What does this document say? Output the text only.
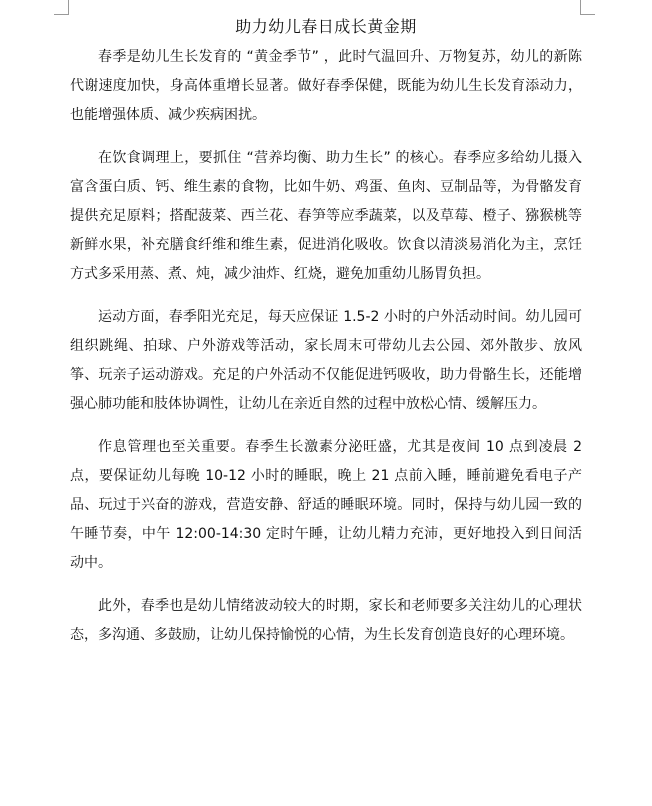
助力幼儿春日成长黄金期

春季是幼儿生长发育的 “黄金季节” ，此时气温回升、万物复苏，幼儿的新陈代谢速度加快，身高体重增长显著。做好春季保健，既能为幼儿生长发育添动力，也能增强体质、减少疾病困扰。

在饮食调理上，要抓住 “营养均衡、助力生长” 的核心。春季应多给幼儿摄入富含蛋白质、钙、维生素的食物，比如牛奶、鸡蛋、鱼肉、豆制品等，为骨骼发育提供充足原料；搭配菠菜、西兰花、春笋等应季蔬菜，以及草莓、橙子、猕猴桃等新鲜水果，补充膳食纤维和维生素，促进消化吸收。饮食以清淡易消化为主，烹饪方式多采用蒸、煮、炖，减少油炸、红烧，避免加重幼儿肠胃负担。

运动方面，春季阳光充足，每天应保证 1.5-2 小时的户外活动时间。幼儿园可组织跳绳、拍球、户外游戏等活动，家长周末可带幼儿去公园、郊外散步、放风筝、玩亲子运动游戏。充足的户外活动不仅能促进钙吸收，助力骨骼生长，还能增强心肺功能和肢体协调性，让幼儿在亲近自然的过程中放松心情、缓解压力。

作息管理也至关重要。春季生长激素分泌旺盛，尤其是夜间 10 点到凌晨 2 点，要保证幼儿每晚 10-12 小时的睡眠，晚上 21 点前入睡，睡前避免看电子产品、玩过于兴奋的游戏，营造安静、舒适的睡眠环境。同时，保持与幼儿园一致的午睡节奏，中午 12:00-14:30 定时午睡，让幼儿精力充沛，更好地投入到日间活动中。

此外，春季也是幼儿情绪波动较大的时期，家长和老师要多关注幼儿的心理状态，多沟通、多鼓励，让幼儿保持愉悦的心情，为生长发育创造良好的心理环境。
